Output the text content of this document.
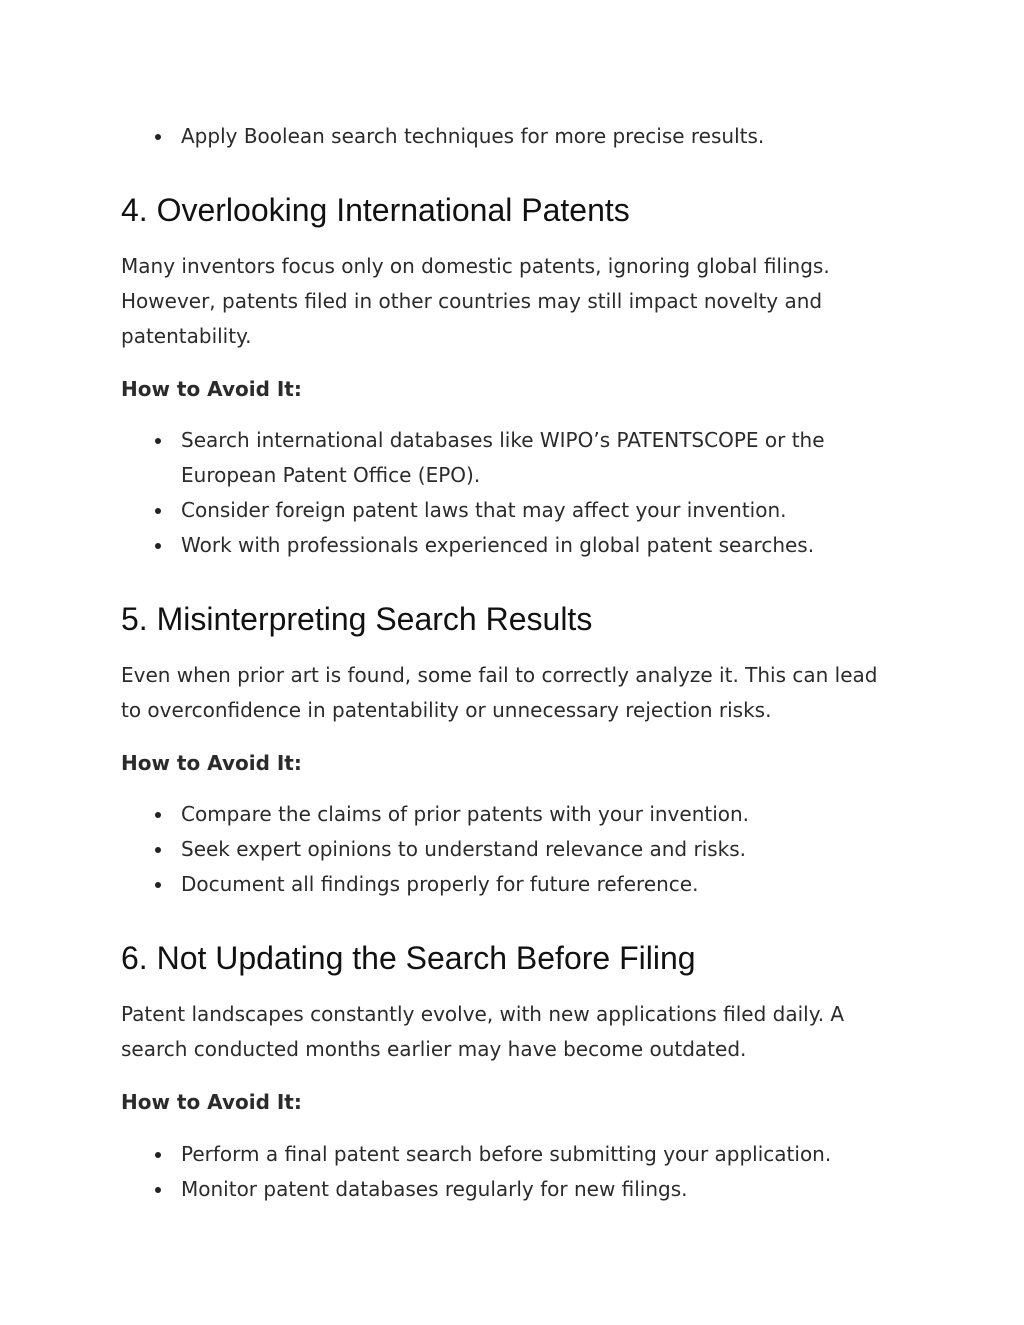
Apply Boolean search techniques for more precise results.
4. Overlooking International Patents

Many inventors focus only on domestic patents, ignoring global filings. However, patents filed in other countries may still impact novelty and patentability.

How to Avoid It:
Search international databases like WIPO’s PATENTSCOPE or the European Patent Office (EPO).
Consider foreign patent laws that may affect your invention.
Work with professionals experienced in global patent searches.
5. Misinterpreting Search Results

Even when prior art is found, some fail to correctly analyze it. This can lead to overconfidence in patentability or unnecessary rejection risks.

How to Avoid It:
Compare the claims of prior patents with your invention.
Seek expert opinions to understand relevance and risks.
Document all findings properly for future reference.
6. Not Updating the Search Before Filing

Patent landscapes constantly evolve, with new applications filed daily. A search conducted months earlier may have become outdated.

How to Avoid It:
Perform a final patent search before submitting your application.
Monitor patent databases regularly for new filings.
